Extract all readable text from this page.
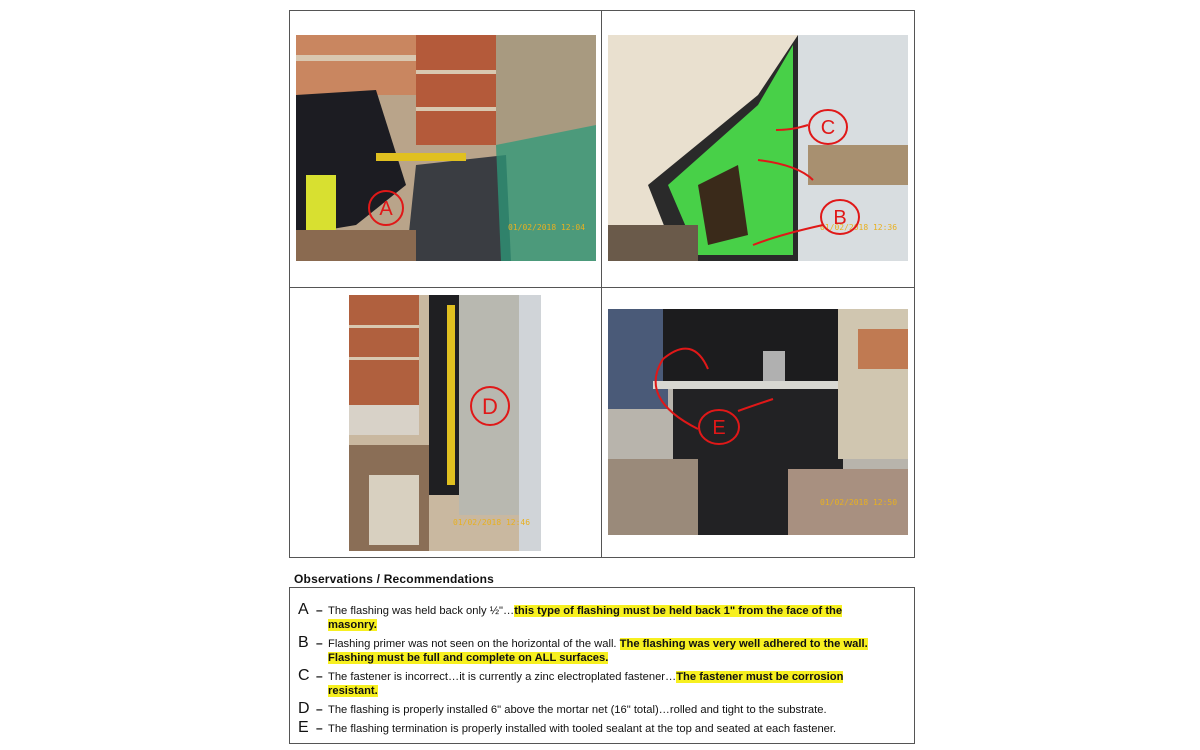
01/02/2018 12:04
A
01/02/2018 12:36
C
B
01/02/2018 12:46
D
01/02/2018 12:50
E
Observations / Recommendations
A – The flashing was held back only ½"…this type of flashing must be held back 1" from the face of the masonry.
B – Flashing primer was not seen on the horizontal of the wall. The flashing was very well adhered to the wall. Flashing must be full and complete on ALL surfaces.
C – The fastener is incorrect…it is currently a zinc electroplated fastener…The fastener must be corrosion resistant.
D – The flashing is properly installed 6" above the mortar net (16" total)…rolled and tight to the substrate.
E – The flashing termination is properly installed with tooled sealant at the top and seated at each fastener.
